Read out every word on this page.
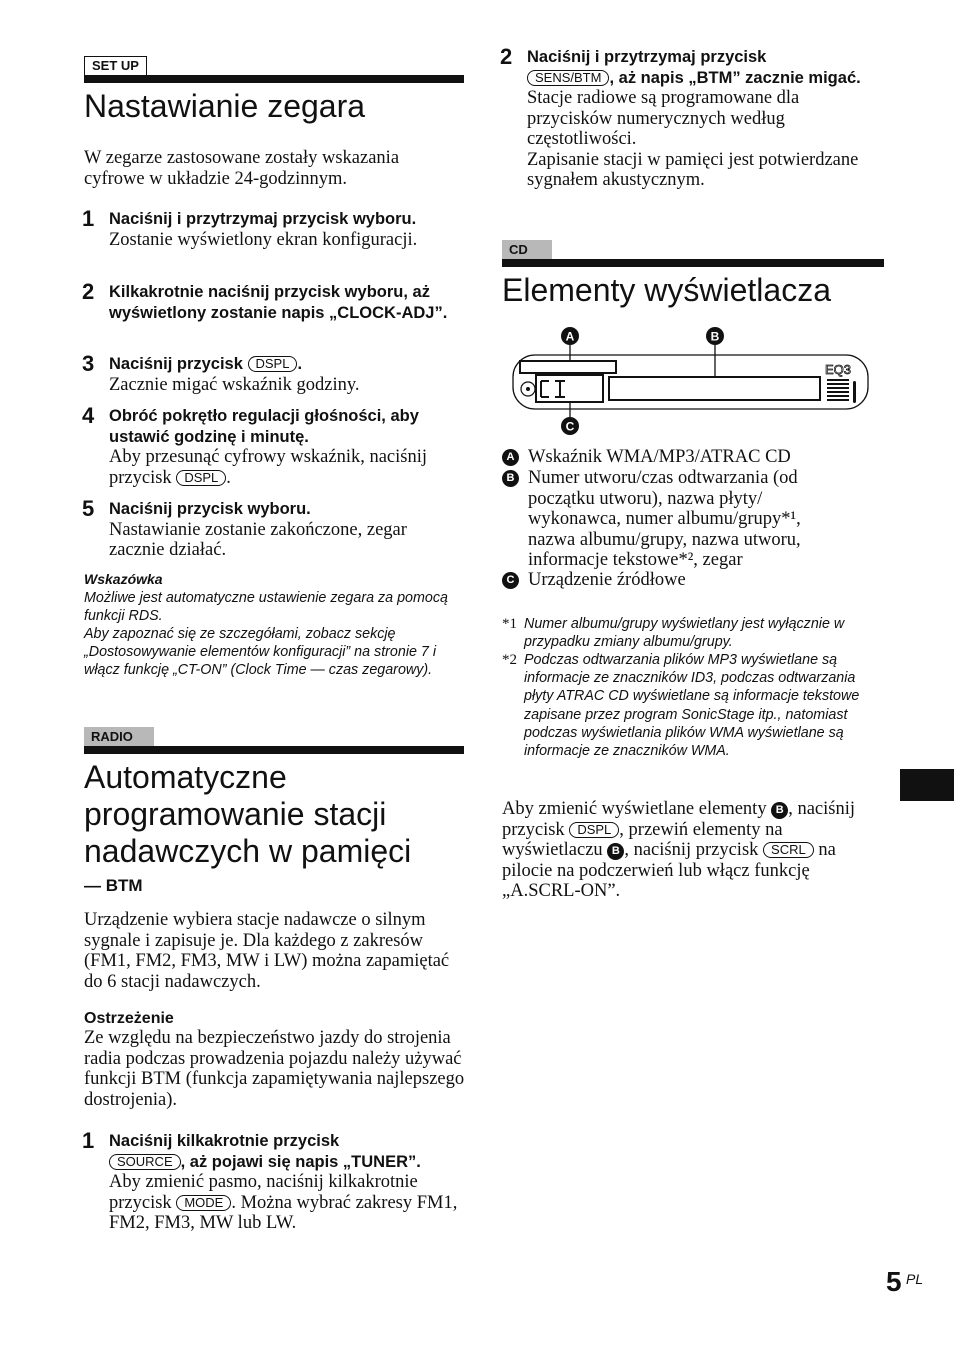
SET UP
Nastawianie zegara
W zegarze zastosowane zostały wskazania cyfrowe w układzie 24-godzinnym.
1 Naciśnij i przytrzymaj przycisk wyboru.
Zostanie wyświetlony ekran konfiguracji.
2 Kilkakrotnie naciśnij przycisk wyboru, aż wyświetlony zostanie napis „CLOCK-ADJ”.
3 Naciśnij przycisk DSPL .
Zacznie migać wskaźnik godziny.
4 Obróć pokrętło regulacji głośności, aby ustawić godzinę i minutę.
Aby przesunąć cyfrowy wskaźnik, naciśnij przycisk DSPL .
5 Naciśnij przycisk wyboru.
Nastawianie zostanie zakończone, zegar zacznie działać.
Wskazówka
Możliwe jest automatyczne ustawienie zegara za pomocą funkcji RDS.
Aby zapoznać się ze szczegółami, zobacz sekcję „Dostosowywanie elementów konfiguracji” na stronie 7 i włącz funkcję „CT-ON” (Clock Time — czas zegarowy).
RADIO
Automatyczne
programowanie stacji
nadawczych w pamięci
— BTM
Urządzenie wybiera stacje nadawcze o silnym sygnale i zapisuje je. Dla każdego z zakresów (FM1, FM2, FM3, MW i LW) można zapamiętać do 6 stacji nadawczych.
Ostrzeżenie
Ze względu na bezpieczeństwo jazdy do strojenia radia podczas prowadzenia pojazdu należy używać funkcji BTM (funkcja zapamiętywania najlepszego dostrojenia).
1 Naciśnij kilkakrotnie przycisk
SOURCE , aż pojawi się napis „TUNER”.
Aby zmienić pasmo, naciśnij kilkakrotnie przycisk MODE . Można wybrać zakresy FM1, FM2, FM3, MW lub LW.
2 Naciśnij i przytrzymaj przycisk
SENS/BTM , aż napis „BTM” zacznie migać.
Stacje radiowe są programowane dla przycisków numerycznych według częstotliwości.
Zapisanie stacji w pamięci jest potwierdzane sygnałem akustycznym.
CD
Elementy wyświetlacza
EQ3
A	B
C
A Wskaźnik WMA/MP3/ATRAC CD
B Numer utworu/czas odtwarzania (od początku utworu), nazwa płyty/ wykonawca, numer albumu/grupy*¹, nazwa albumu/grupy, nazwa utworu, informacje tekstowe*², zegar
C Urządzenie źródłowe
*1 Numer albumu/grupy wyświetlany jest wyłącznie w przypadku zmiany albumu/grupy.
*2 Podczas odtwarzania plików MP3 wyświetlane są informacje ze znaczników ID3, podczas odtwarzania płyty ATRAC CD wyświetlane są informacje tekstowe zapisane przez program SonicStage itp., natomiast podczas wyświetlania plików WMA wyświetlane są informacje ze znaczników WMA.
Aby zmienić wyświetlane elementy B , naciśnij przycisk DSPL , przewiń elementy na wyświetlaczu B , naciśnij przycisk SCRL na pilocie na podczerwień lub włącz funkcję „A.SCRL-ON”.
5 PL
